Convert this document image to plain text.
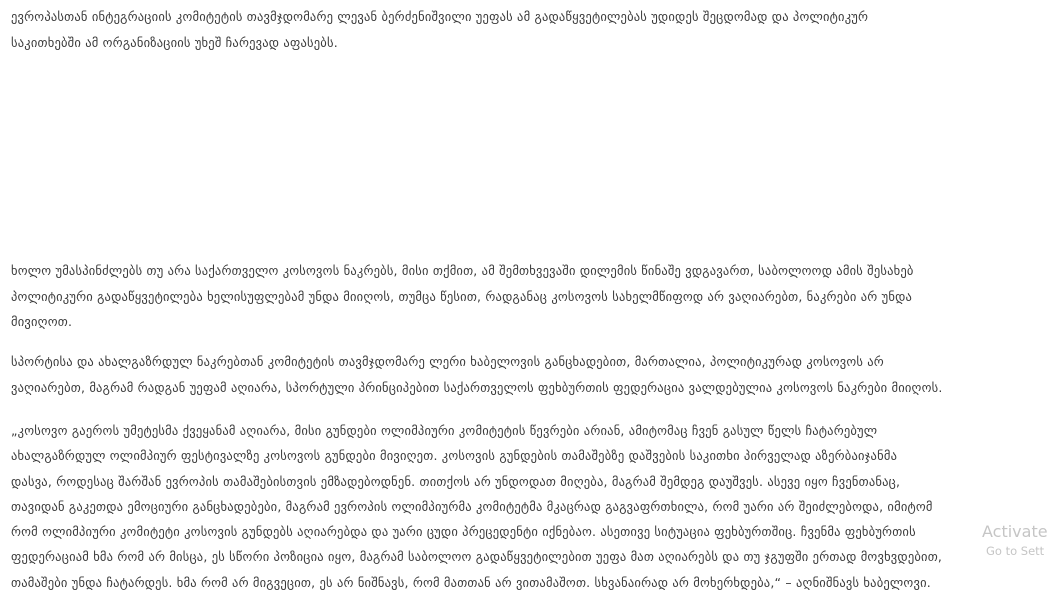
ევროპასთან ინტეგრაციის კომიტეტის თავმჯდომარე ლევან ბერძენიშვილი უეფას ამ გადაწყვეტილებას უდიდეს შეცდომად და პოლიტიკურ
საკითხებში ამ ორგანიზაციის უხეშ ჩარევად აფასებს.
ხოლო უმასპინძლებს თუ არა საქართველო კოსოვოს ნაკრებს, მისი თქმით, ამ შემთხვევაში დილემის წინაშე ვდგავართ, საბოლოოდ ამის შესახებ
პოლიტიკური გადაწყვეტილება ხელისუფლებამ უნდა მიიღოს, თუმცა წესით, რადგანაც კოსოვოს სახელმწიფოდ არ ვაღიარებთ, ნაკრები არ უნდა
მივიღოთ.
სპორტისა და ახალგაზრდულ ნაკრებთან კომიტეტის თავმჯდომარე ლერი ხაბელოვის განცხადებით, მართალია, პოლიტიკურად კოსოვოს არ
ვაღიარებთ, მაგრამ რადგან უეფამ აღიარა, სპორტული პრინციპებით საქართველოს ფეხბურთის ფედერაცია ვალდებულია კოსოვოს ნაკრები მიიღოს.
„კოსოვო გაეროს უმეტესმა ქვეყანამ აღიარა, მისი გუნდები ოლიმპიური კომიტეტის წევრები არიან, ამიტომაც ჩვენ გასულ წელს ჩატარებულ
ახალგაზრდულ ოლიმპიურ ფესტივალზე კოსოვოს გუნდები მივიღეთ. კოსოვის გუნდების თამაშებზე დაშვების საკითხი პირველად აზერბაიჯანმა
დასვა, როდესაც შარშან ევროპის თამაშებისთვის ემზადებოდნენ. თითქოს არ უნდოდათ მიღება, მაგრამ შემდეგ დაუშვეს. ასევე იყო ჩვენთანაც,
თავიდან გაკეთდა ემოციური განცხადებები, მაგრამ ევროპის ოლიმპიურმა კომიტეტმა მკაცრად გაგვაფრთხილა, რომ უარი არ შეიძლებოდა, იმიტომ
რომ ოლიმპიური კომიტეტი კოსოვის გუნდებს აღიარებდა და უარი ცუდი პრეცედენტი იქნებაო. ასეთივე სიტუაცია ფეხბურთშიც. ჩვენმა ფეხბურთის
ფედერაციამ ხმა რომ არ მისცა, ეს სწორი პოზიცია იყო, მაგრამ საბოლოო გადაწყვეტილებით უეფა მათ აღიარებს და თუ ჯგუფში ერთად მოვხვდებით,
თამაშები უნდა ჩატარდეს. ხმა რომ არ მიგვეცით, ეს არ ნიშნავს, რომ მათთან არ ვითამაშოთ. სხვანაირად არ მოხერხდება,“ – აღნიშნავს ხაბელოვი.
Activate
Go to Sett
